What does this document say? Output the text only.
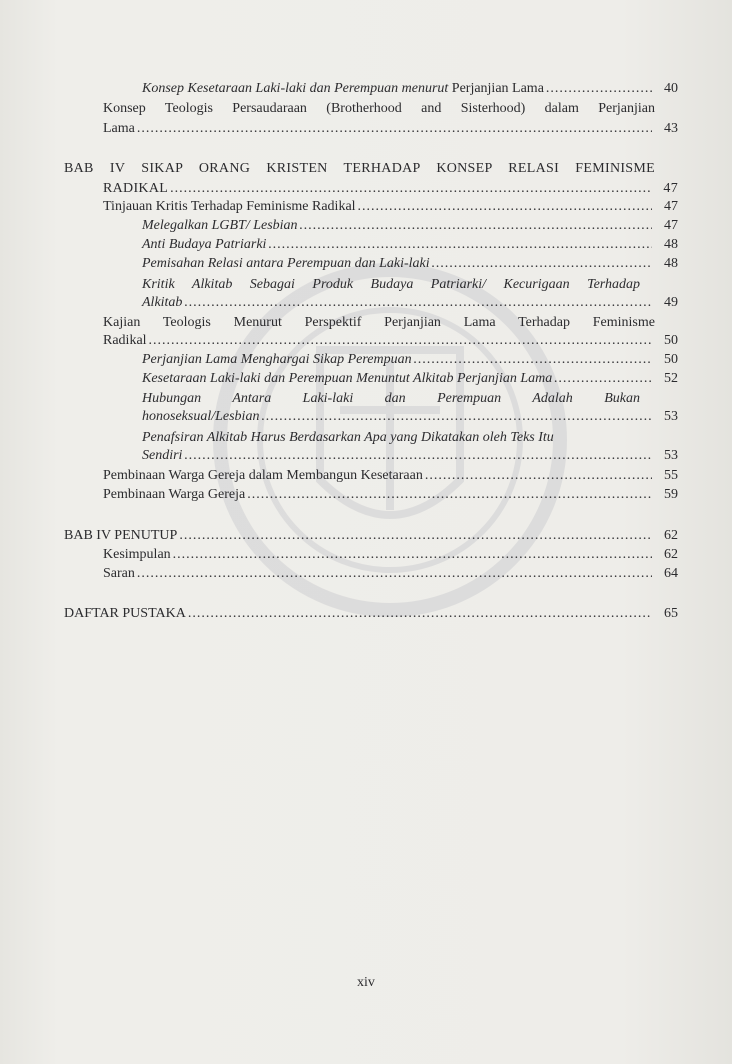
Konsep Kesetaraan Laki-laki dan Perempuan menurut Perjanjian Lama .....	40
Konsep Teologis Persaudaraan (Brotherhood and Sisterhood) dalam Perjanjian
Lama .....	43
BAB IV SIKAP ORANG KRISTEN TERHADAP KONSEP RELASI FEMINISME
RADIKAL .....	47
Tinjauan Kritis Terhadap Feminisme Radikal .....	47
Melegalkan LGBT/ Lesbian .....	47
Anti Budaya Patriarki .....	48
Pemisahan Relasi antara Perempuan dan Laki-laki .....	48
Kritik Alkitab Sebagai Produk Budaya Patriarki/ Kecurigaan Terhadap
Alkitab .....	49
Kajian Teologis Menurut Perspektif Perjanjian Lama Terhadap Feminisme
Radikal .....	50
Perjanjian Lama Menghargai Sikap Perempuan .....	50
Kesetaraan Laki-laki dan Perempuan Menuntut Alkitab Perjanjian Lama .....	52
Hubungan Antara Laki-laki dan Perempuan Adalah Bukan
honoseksual/Lesbian .....	53
Penafsiran Alkitab Harus Berdasarkan Apa yang Dikatakan oleh Teks Itu
Sendiri .....	53
Pembinaan Warga Gereja dalam Membangun Kesetaraan .....	55
Pembinaan Warga Gereja .....	59
BAB IV PENUTUP .....	62
Kesimpulan .....	62
Saran .....	64
DAFTAR PUSTAKA .....	65
xiv
